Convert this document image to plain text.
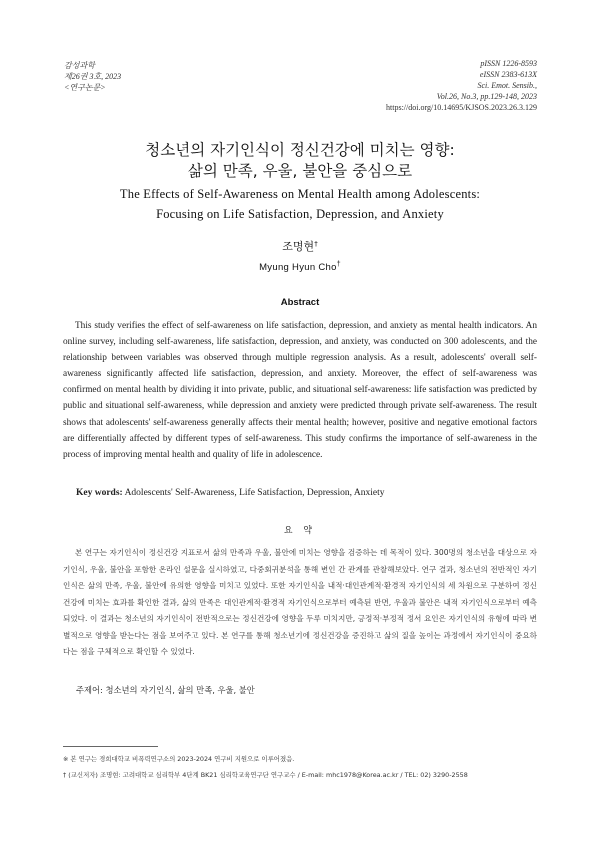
감성과학
제26권 3호, 2023
<연구논문>
pISSN 1226-8593
eISSN 2383-613X
Sci. Emot. Sensib.,
Vol.26, No.3, pp.129-148, 2023
https://doi.org/10.14695/KJSOS.2023.26.3.129
청소년의 자기인식이 정신건강에 미치는 영향:
삶의 만족, 우울, 불안을 중심으로
The Effects of Self-Awareness on Mental Health among Adolescents:
Focusing on Life Satisfaction, Depression, and Anxiety
조명현†
Myung Hyun Cho†
Abstract
This study verifies the effect of self-awareness on life satisfaction, depression, and anxiety as mental health indicators. An online survey, including self-awareness, life satisfaction, depression, and anxiety, was conducted on 300 adolescents, and the relationship between variables was observed through multiple regression analysis. As a result, adolescents' overall self-awareness significantly affected life satisfaction, depression, and anxiety. Moreover, the effect of self-awareness was confirmed on mental health by dividing it into private, public, and situational self-awareness: life satisfaction was predicted by public and situational self-awareness, while depression and anxiety were predicted through private self-awareness. The result shows that adolescents' self-awareness generally affects their mental health; however, positive and negative emotional factors are differentially affected by different types of self-awareness. This study confirms the importance of self-awareness in the process of improving mental health and quality of life in adolescence.
Key words: Adolescents' Self-Awareness, Life Satisfaction, Depression, Anxiety
요 약
본 연구는 자기인식이 정신건강 지표로서 삶의 만족과 우울, 불안에 미치는 영향을 검증하는 데 목적이 있다. 300명의 청소년을 대상으로 자기인식, 우울, 불안을 포함한 온라인 설문을 실시하였고, 다중회귀분석을 통해 변인 간 관계를 관찰해보았다. 연구 결과, 청소년의 전반적인 자기인식은 삶의 만족, 우울, 불안에 유의한 영향을 미치고 있었다. 또한 자기인식을 내적·대인관계적·환경적 자기인식의 세 차원으로 구분하여 정신건강에 미치는 효과를 확인한 결과, 삶의 만족은 대인관계적·환경적 자기인식으로부터 예측된 반면, 우울과 불안은 내적 자기인식으로부터 예측되었다. 이 결과는 청소년의 자기인식이 전반적으로는 정신건강에 영향을 두루 미치지만, 긍정적·부정적 정서 요인은 자기인식의 유형에 따라 변별적으로 영향을 받는다는 점을 보여주고 있다. 본 연구를 통해 청소년기에 정신건강을 증진하고 삶의 질을 높이는 과정에서 자기인식이 중요하다는 점을 구체적으로 확인할 수 있었다.
주제어: 청소년의 자기인식, 삶의 만족, 우울, 불안
※ 본 연구는 경희대학교 비폭력연구소의 2023-2024 연구비 지원으로 이루어졌음.
† (교신저자) 조명현: 고려대학교 심리학부 4단계 BK21 심리학교육연구단 연구교수 / E-mail: mhc1978@Korea.ac.kr / TEL: 02) 3290-2558
